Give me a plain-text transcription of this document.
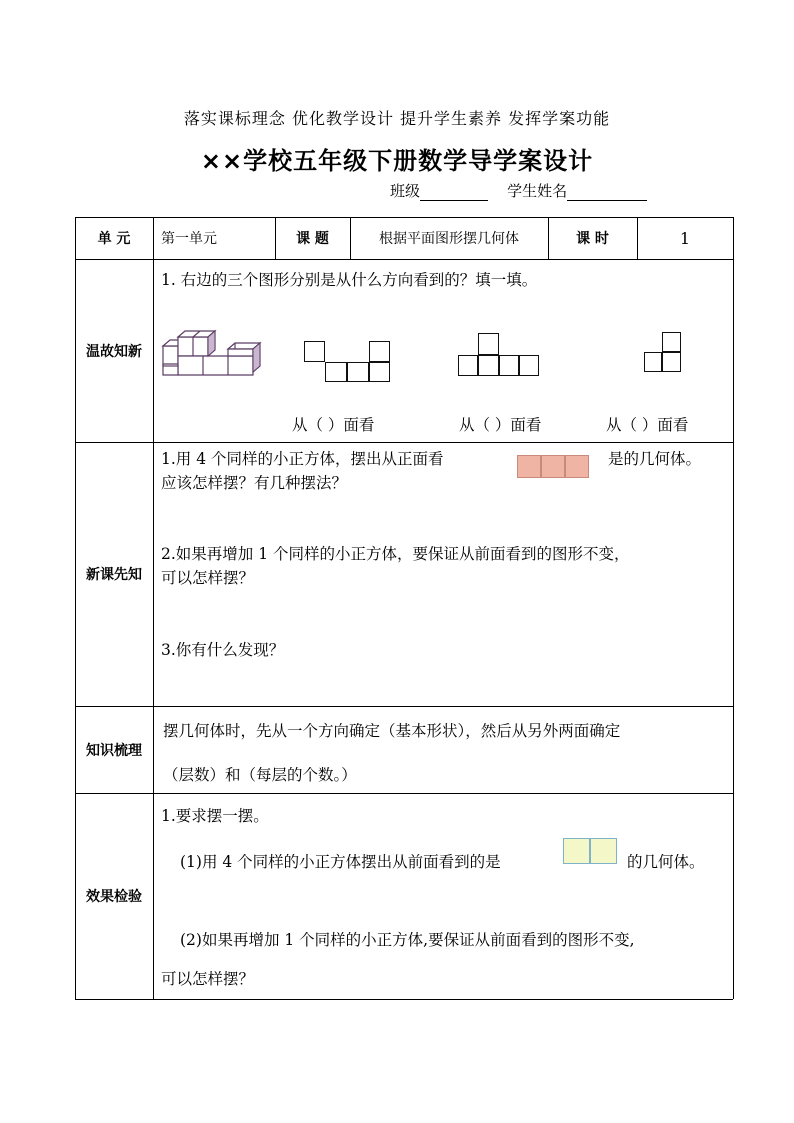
落实课标理念 优化教学设计 提升学生素养 发挥学案功能
××学校五年级下册数学导学案设计
班级	学生姓名
单 元	第一单元	课 题	根据平面图形摆几何体	课 时	1
温故知新
1. 右边的三个图形分别是从什么方向看到的？填一填。
从（ ）面看	从（ ）面看	从（ ）面看
新课先知
1.用 4 个同样的小正方体，摆出从正面看	是的几何体。
应该怎样摆？有几种摆法？
2.如果再增加 1 个同样的小正方体，要保证从前面看到的图形不变，
可以怎样摆？
3.你有什么发现？
知识梳理
摆几何体时，先从一个方向确定（基本形状），然后从另外两面确定
（层数）和（每层的个数。）
效果检验
1.要求摆一摆。
(1)用 4 个同样的小正方体摆出从前面看到的是	的几何体。
(2)如果再增加 1 个同样的小正方体,要保证从前面看到的图形不变,
可以怎样摆？
